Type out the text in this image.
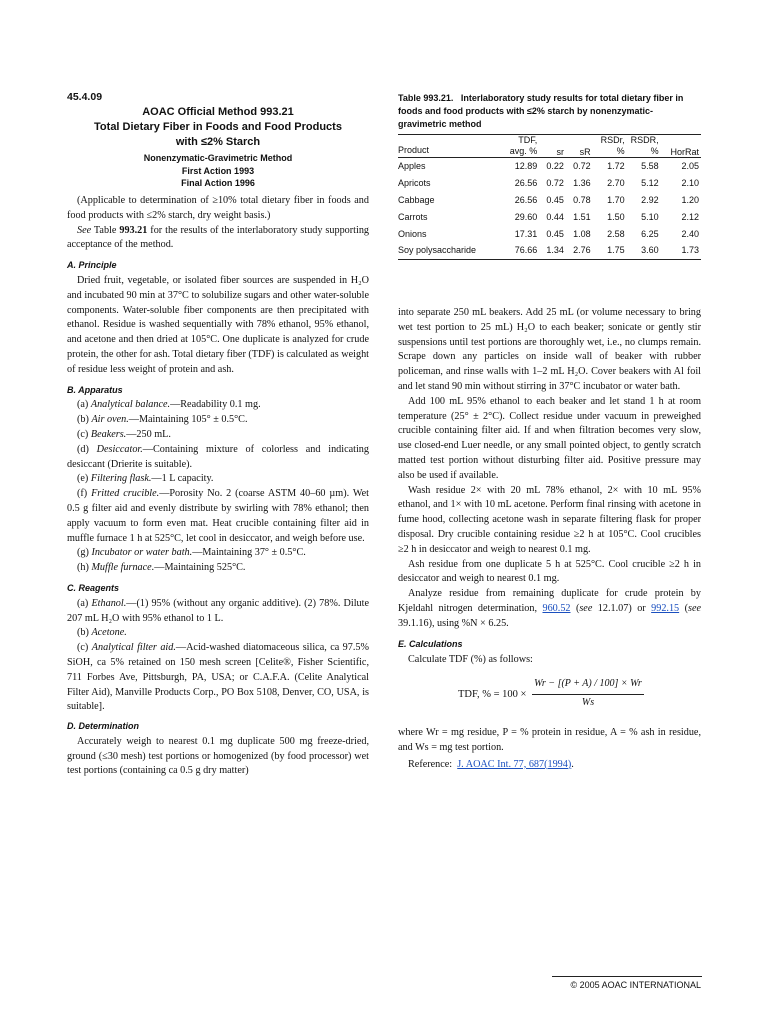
45.4.09
AOAC Official Method 993.21
Total Dietary Fiber in Foods and Food Products
with ≤2% Starch
Nonenzymatic-Gravimetric Method
First Action 1993
Final Action 1996

(Applicable to determination of ≥10% total dietary fiber in foods and food products with ≤2% starch, dry weight basis.)

See Table 993.21 for the results of the interlaboratory study supporting acceptance of the method.

A. Principle

Dried fruit, vegetable, or isolated fiber sources are suspended in H₂O and incubated 90 min at 37°C to solubilize sugars and other water-soluble components. Water-soluble fiber components are then precipitated with ethanol. Residue is washed sequentially with 78% ethanol, 95% ethanol, and acetone and then dried at 105°C. One duplicate is analyzed for crude protein, the other for ash. Total dietary fiber (TDF) is calculated as weight of residue less weight of protein and ash.

B. Apparatus

(a) Analytical balance.—Readability 0.1 mg.

(b) Air oven.—Maintaining 105° ± 0.5°C.

(c) Beakers.—250 mL.

(d) Desiccator.—Containing mixture of colorless and indicating desiccant (Drierite is suitable).

(e) Filtering flask.—1 L capacity.

(f) Fritted crucible.—Porosity No. 2 (coarse ASTM 40–60 µm). Wet 0.5 g filter aid and evenly distribute by swirling with 78% ethanol; then apply vacuum to form even mat. Heat crucible containing filter aid in muffle furnace 1 h at 525°C, let cool in desiccator, and weigh before use.

(g) Incubator or water bath.—Maintaining 37° ± 0.5°C.

(h) Muffle furnace.—Maintaining 525°C.

C. Reagents

(a) Ethanol.—(1) 95% (without any organic additive). (2) 78%. Dilute 207 mL H₂O with 95% ethanol to 1 L.

(b) Acetone.

(c) Analytical filter aid.—Acid-washed diatomaceous silica, ca 97.5% SiOH, ca 5% retained on 150 mesh screen [Celite®, Fisher Scientific, 711 Forbes Ave, Pittsburgh, PA, USA; or C.A.F.A. (Celite Analytical Filter Aid), Manville Products Corp., PO Box 5108, Denver, CO, USA, is suitable].

D. Determination

Accurately weigh to nearest 0.1 mg duplicate 500 mg freeze-dried, ground (≤30 mesh) test portions or homogenized (by food processor) wet test portions (containing ca 0.5 g dry matter)

Table 993.21. Interlaboratory study results for total dietary fiber in foods and food products with ≤2% starch by nonenzymatic-gravimetric method
Product	TDF, avg. %	sr	sR	RSDr, %	RSDR, %	HorRat
Apples	12.89	0.22	0.72	1.72	5.58	2.05
Apricots	26.56	0.72	1.36	2.70	5.12	2.10
Cabbage	26.56	0.45	0.78	1.70	2.92	1.20
Carrots	29.60	0.44	1.51	1.50	5.10	2.12
Onions	17.31	0.45	1.08	2.58	6.25	2.40
Soy polysaccharide	76.66	1.34	2.76	1.75	3.60	1.73

into separate 250 mL beakers. Add 25 mL (or volume necessary to bring wet test portion to 25 mL) H₂O to each beaker; sonicate or gently stir suspensions until test portions are thoroughly wet, i.e., no clumps remain. Scrape down any particles on inside wall of beaker with rubber policeman, and rinse walls with 1–2 mL H₂O. Cover beakers with Al foil and let stand 90 min without stirring in 37°C incubator or water bath.

Add 100 mL 95% ethanol to each beaker and let stand 1 h at room temperature (25° ± 2°C). Collect residue under vacuum in preweighed crucible containing filter aid. If and when filtration becomes very slow, use closed-end Luer needle, or any small pointed object, to gently scratch matted test portion without disturbing filter aid. Positive pressure may also be used if available.

Wash residue 2× with 20 mL 78% ethanol, 2× with 10 mL 95% ethanol, and 1× with 10 mL acetone. Perform final rinsing with acetone in fume hood, collecting acetone wash in separate filtering flask for proper disposal. Dry crucible containing residue ≥2 h at 105°C. Cool crucibles ≥2 h in desiccator and weigh to nearest 0.1 mg.

Ash residue from one duplicate 5 h at 525°C. Cool crucible ≥2 h in desiccator and weigh to nearest 0.1 mg.

Analyze residue from remaining duplicate for crude protein by Kjeldahl nitrogen determination, 960.52 (see 12.1.07) or 992.15 (see 39.1.16), using %N × 6.25.

E. Calculations

Calculate TDF (%) as follows:

TDF, % = 100 ×
Wr − [(P + A) / 100] × Wr
Ws

where Wr = mg residue, P = % protein in residue, A = % ash in residue, and Ws = mg test portion.

Reference: J. AOAC Int. 77, 687(1994).

© 2005 AOAC INTERNATIONAL
